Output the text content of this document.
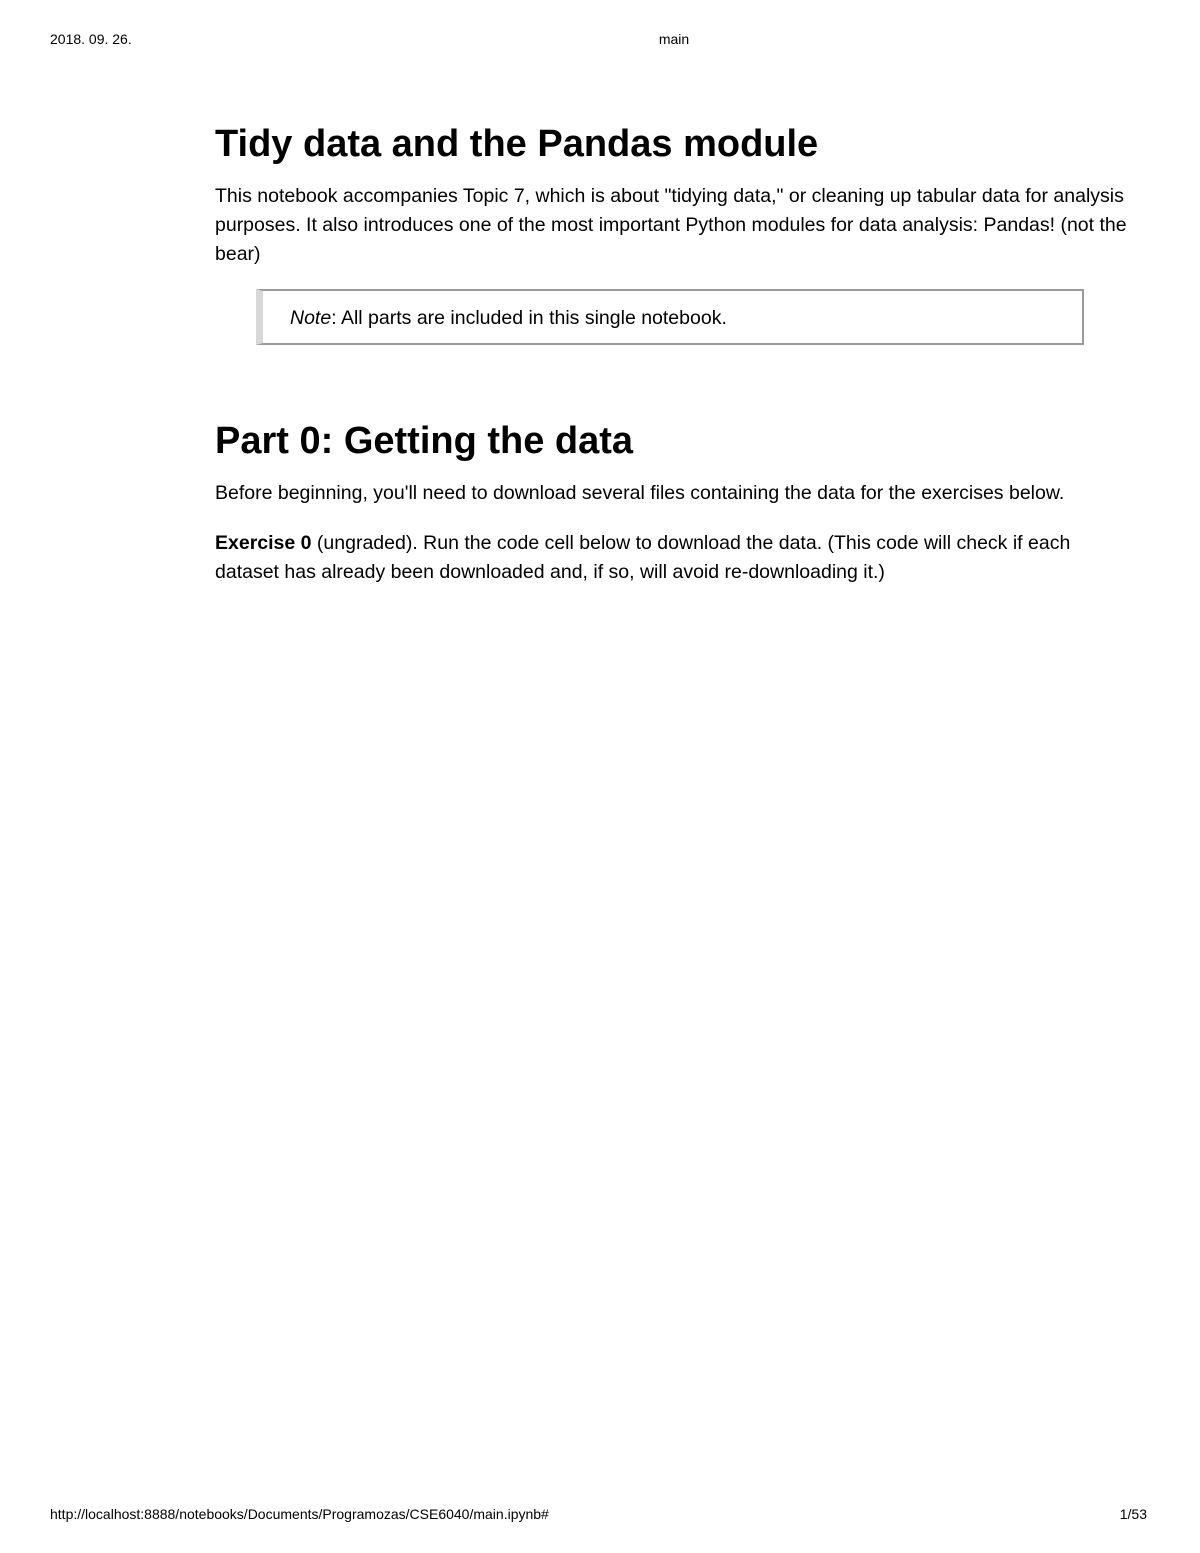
2018. 09. 26.	main
Tidy data and the Pandas module

This notebook accompanies Topic 7, which is about "tidying data," or cleaning up tabular data for analysis purposes. It also introduces one of the most important Python modules for data analysis: Pandas! (not the bear)

Note: All parts are included in this single notebook.

Part 0: Getting the data

Before beginning, you'll need to download several files containing the data for the exercises below.

Exercise 0 (ungraded). Run the code cell below to download the data. (This code will check if each dataset has already been downloaded and, if so, will avoid re-downloading it.)

http://localhost:8888/notebooks/Documents/Programozas/CSE6040/main.ipynb#	1/53
